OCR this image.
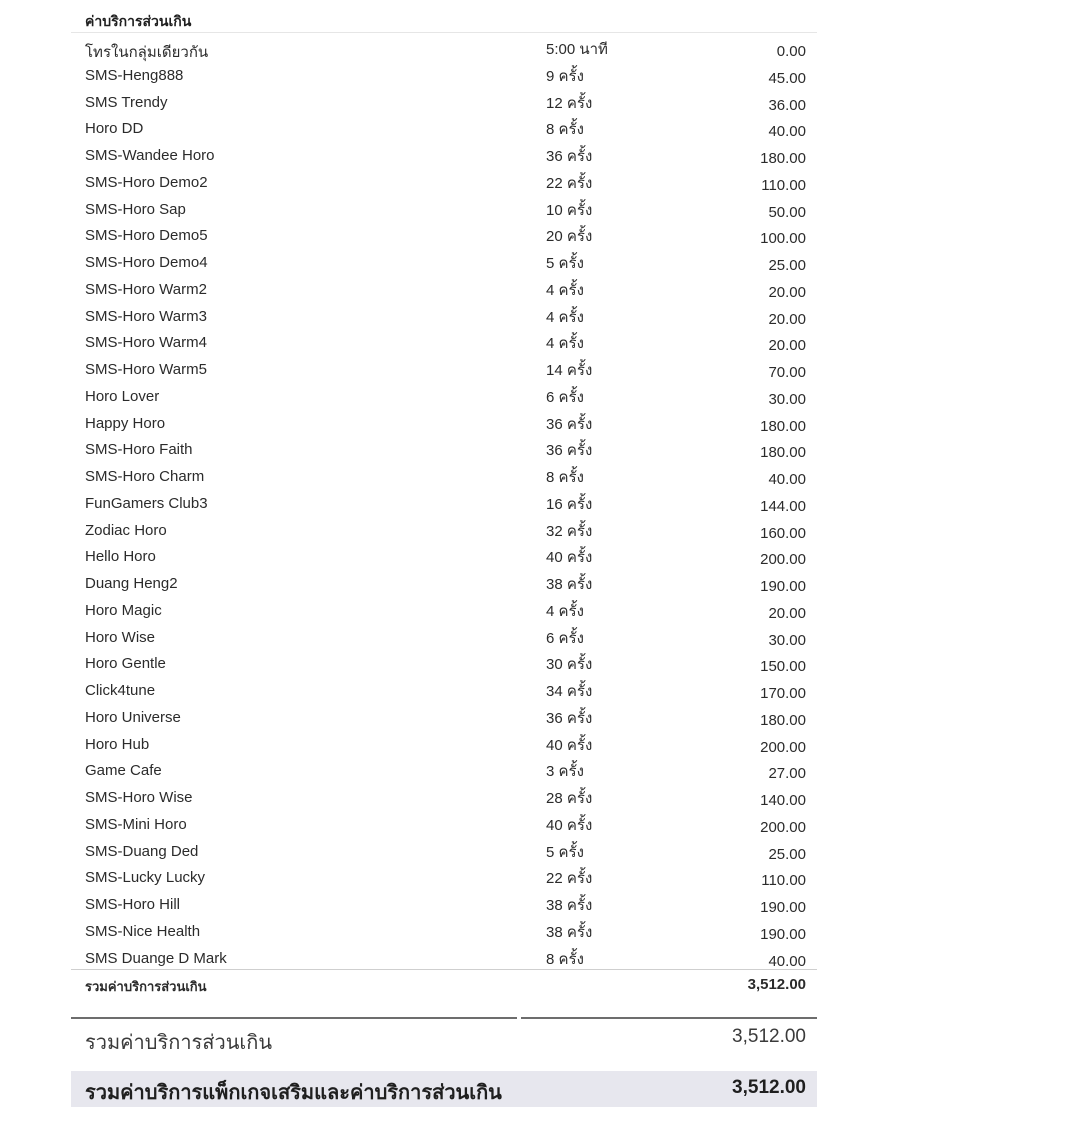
ค่าบริการส่วนเกิน
โทรในกลุ่มเดียวกัน	5:00 นาที	0.00
SMS-Heng888	9 ครั้ง	45.00
SMS Trendy	12 ครั้ง	36.00
Horo DD	8 ครั้ง	40.00
SMS-Wandee Horo	36 ครั้ง	180.00
SMS-Horo Demo2	22 ครั้ง	110.00
SMS-Horo Sap	10 ครั้ง	50.00
SMS-Horo Demo5	20 ครั้ง	100.00
SMS-Horo Demo4	5 ครั้ง	25.00
SMS-Horo Warm2	4 ครั้ง	20.00
SMS-Horo Warm3	4 ครั้ง	20.00
SMS-Horo Warm4	4 ครั้ง	20.00
SMS-Horo Warm5	14 ครั้ง	70.00
Horo Lover	6 ครั้ง	30.00
Happy Horo	36 ครั้ง	180.00
SMS-Horo Faith	36 ครั้ง	180.00
SMS-Horo Charm	8 ครั้ง	40.00
FunGamers Club3	16 ครั้ง	144.00
Zodiac Horo	32 ครั้ง	160.00
Hello Horo	40 ครั้ง	200.00
Duang Heng2	38 ครั้ง	190.00
Horo Magic	4 ครั้ง	20.00
Horo Wise	6 ครั้ง	30.00
Horo Gentle	30 ครั้ง	150.00
Click4tune	34 ครั้ง	170.00
Horo Universe	36 ครั้ง	180.00
Horo Hub	40 ครั้ง	200.00
Game Cafe	3 ครั้ง	27.00
SMS-Horo Wise	28 ครั้ง	140.00
SMS-Mini Horo	40 ครั้ง	200.00
SMS-Duang Ded	5 ครั้ง	25.00
SMS-Lucky Lucky	22 ครั้ง	110.00
SMS-Horo Hill	38 ครั้ง	190.00
SMS-Nice Health	38 ครั้ง	190.00
SMS Duange D Mark	8 ครั้ง	40.00
รวมค่าบริการส่วนเกิน	3,512.00
รวมค่าบริการส่วนเกิน	3,512.00
รวมค่าบริการแพ็กเกจเสริมและค่าบริการส่วนเกิน	3,512.00
